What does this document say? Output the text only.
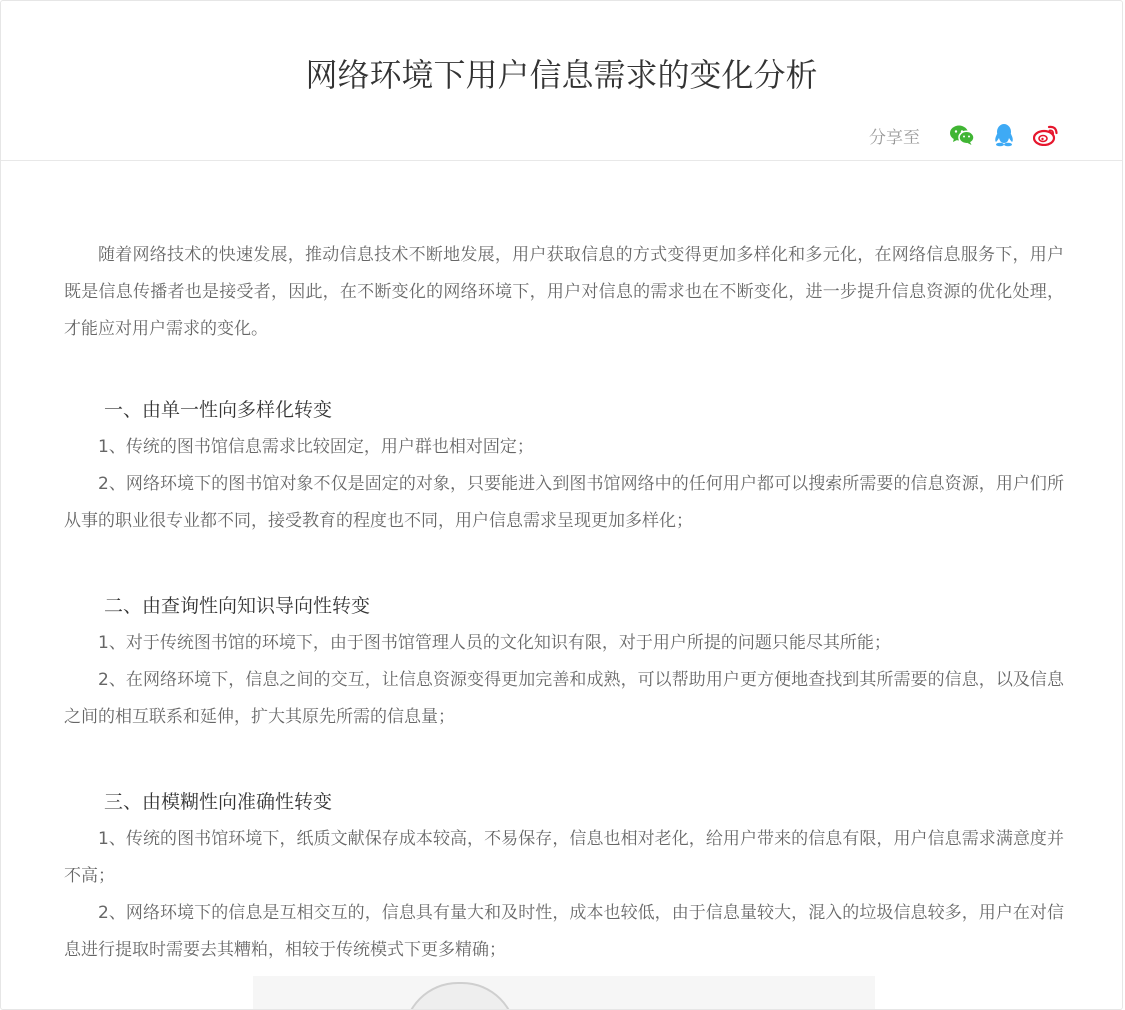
网络环境下用户信息需求的变化分析
分享至

随着网络技术的快速发展，推动信息技术不断地发展，用户获取信息的方式变得更加多样化和多元化，在网络信息服务下，用户既是信息传播者也是接受者，因此，在不断变化的网络环境下，用户对信息的需求也在不断变化，进一步提升信息资源的优化处理，才能应对用户需求的变化。

一、由单一性向多样化转变

1、传统的图书馆信息需求比较固定，用户群也相对固定；

2、网络环境下的图书馆对象不仅是固定的对象，只要能进入到图书馆网络中的任何用户都可以搜索所需要的信息资源，用户们所从事的职业很专业都不同，接受教育的程度也不同，用户信息需求呈现更加多样化；

二、由查询性向知识导向性转变

1、对于传统图书馆的环境下，由于图书馆管理人员的文化知识有限，对于用户所提的问题只能尽其所能；

2、在网络环境下，信息之间的交互，让信息资源变得更加完善和成熟，可以帮助用户更方便地查找到其所需要的信息，以及信息之间的相互联系和延伸，扩大其原先所需的信息量；

三、由模糊性向准确性转变

1、传统的图书馆环境下，纸质文献保存成本较高，不易保存，信息也相对老化，给用户带来的信息有限，用户信息需求满意度并不高；

2、网络环境下的信息是互相交互的，信息具有量大和及时性，成本也较低，由于信息量较大，混入的垃圾信息较多，用户在对信息进行提取时需要去其糟粕，相较于传统模式下更多精确；
